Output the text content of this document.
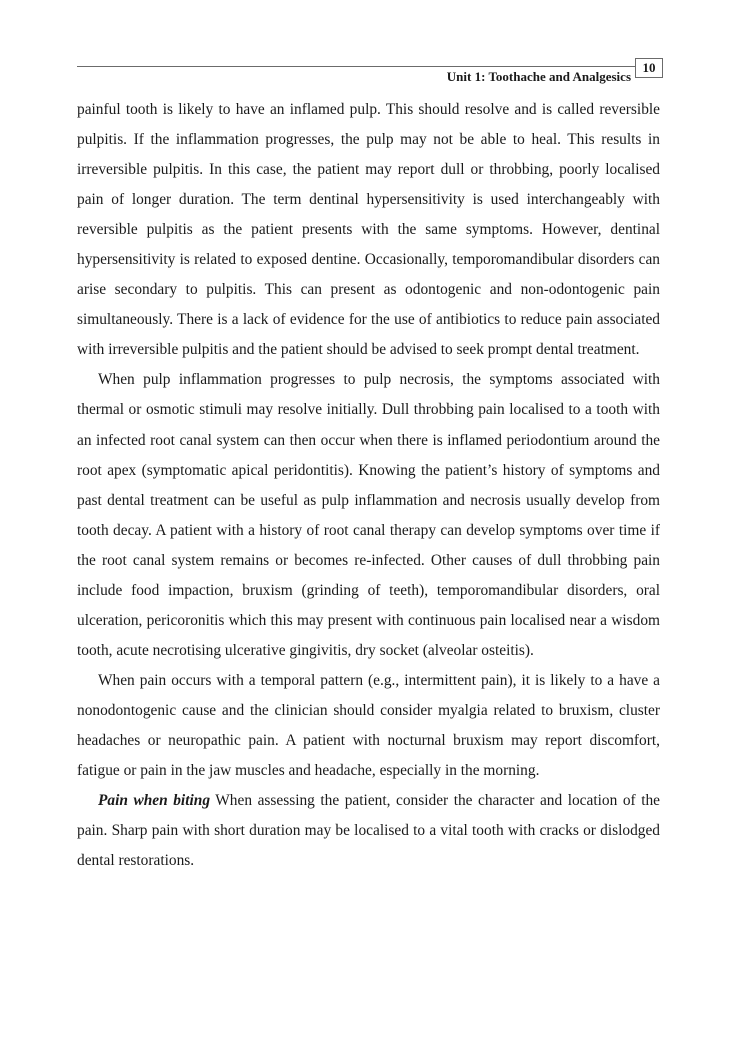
Unit 1: Toothache and Analgesics
10

painful tooth is likely to have an inflamed pulp. This should resolve and is called reversible pulpitis. If the inflammation progresses, the pulp may not be able to heal. This results in irreversible pulpitis. In this case, the patient may report dull or throbbing, poorly localised pain of longer duration. The term dentinal hypersensitivity is used interchangeably with reversible pulpitis as the patient presents with the same symptoms. However, dentinal hypersensitivity is related to exposed dentine. Occasionally, temporomandibular disorders can arise secondary to pulpitis. This can present as odontogenic and non-odontogenic pain simultaneously. There is a lack of evidence for the use of antibiotics to reduce pain associated with irreversible pulpitis and the patient should be advised to seek prompt dental treatment.

When pulp inflammation progresses to pulp necrosis, the symptoms associated with thermal or osmotic stimuli may resolve initially. Dull throbbing pain localised to a tooth with an infected root canal system can then occur when there is inflamed periodontium around the root apex (symptomatic apical peridontitis). Knowing the patient’s history of symptoms and past dental treatment can be useful as pulp inflammation and necrosis usually develop from tooth decay. A patient with a history of root canal therapy can develop symptoms over time if the root canal system remains or becomes re-infected. Other causes of dull throbbing pain include food impaction, bruxism (grinding of teeth), temporomandibular disorders, oral ulceration, pericoronitis which this may present with continuous pain localised near a wisdom tooth, acute necrotising ulcerative gingivitis, dry socket (alveolar osteitis).

When pain occurs with a temporal pattern (e.g., intermittent pain), it is likely to a have a nonodontogenic cause and the clinician should consider myalgia related to bruxism, cluster headaches or neuropathic pain. A patient with nocturnal bruxism may report discomfort, fatigue or pain in the jaw muscles and headache, especially in the morning.

Pain when biting When assessing the patient, consider the character and location of the pain. Sharp pain with short duration may be localised to a vital tooth with cracks or dislodged dental restorations.
